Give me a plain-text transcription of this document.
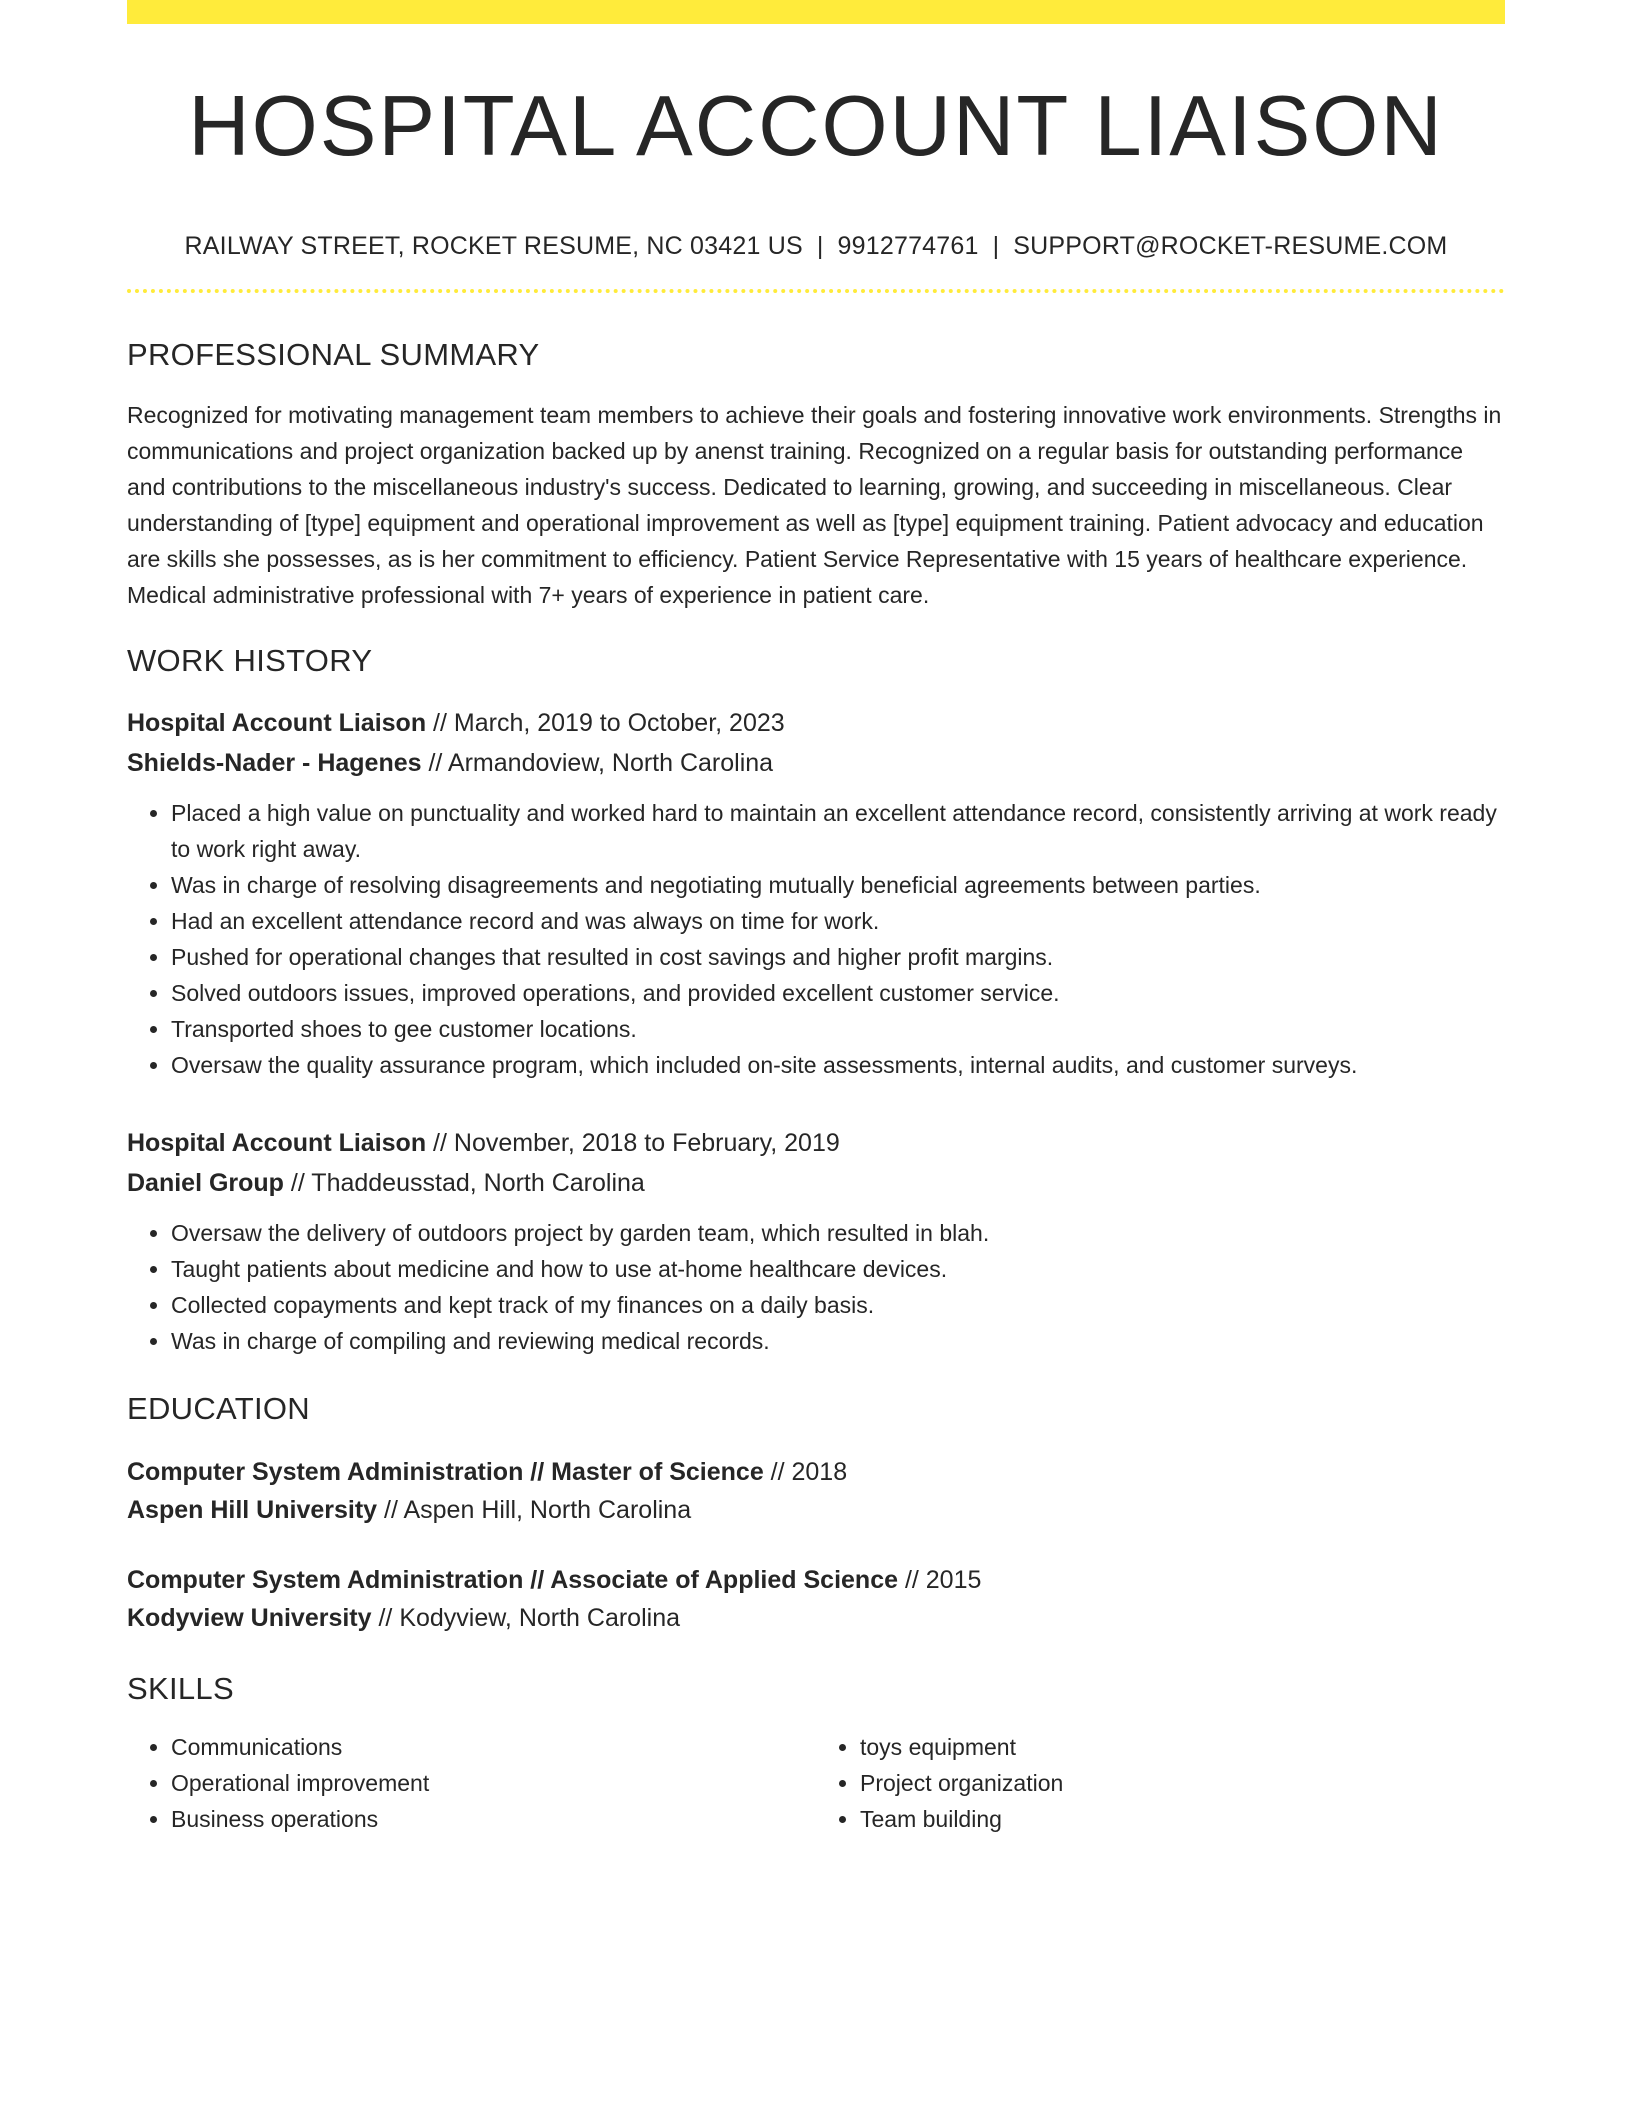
HOSPITAL ACCOUNT LIAISON
RAILWAY STREET, ROCKET RESUME, NC 03421 US | 9912774761 | SUPPORT@ROCKET-RESUME.COM
PROFESSIONAL SUMMARY

Recognized for motivating management team members to achieve their goals and fostering innovative work environments. Strengths in communications and project organization backed up by anenst training. Recognized on a regular basis for outstanding performance and contributions to the miscellaneous industry's success. Dedicated to learning, growing, and succeeding in miscellaneous. Clear understanding of [type] equipment and operational improvement as well as [type] equipment training. Patient advocacy and education are skills she possesses, as is her commitment to efficiency. Patient Service Representative with 15 years of healthcare experience. Medical administrative professional with 7+ years of experience in patient care.

WORK HISTORY
Hospital Account Liaison // March, 2019 to October, 2023
Shields-Nader - Hagenes // Armandoview, North Carolina
• Placed a high value on punctuality and worked hard to maintain an excellent attendance record, consistently arriving at work ready to work right away.
• Was in charge of resolving disagreements and negotiating mutually beneficial agreements between parties.
• Had an excellent attendance record and was always on time for work.
• Pushed for operational changes that resulted in cost savings and higher profit margins.
• Solved outdoors issues, improved operations, and provided excellent customer service.
• Transported shoes to gee customer locations.
• Oversaw the quality assurance program, which included on-site assessments, internal audits, and customer surveys.
Hospital Account Liaison // November, 2018 to February, 2019
Daniel Group // Thaddeusstad, North Carolina
• Oversaw the delivery of outdoors project by garden team, which resulted in blah.
• Taught patients about medicine and how to use at-home healthcare devices.
• Collected copayments and kept track of my finances on a daily basis.
• Was in charge of compiling and reviewing medical records.
EDUCATION
Computer System Administration // Master of Science // 2018
Aspen Hill University // Aspen Hill, North Carolina
Computer System Administration // Associate of Applied Science // 2015
Kodyview University // Kodyview, North Carolina
SKILLS
• Communications
• Operational improvement
• Business operations
• toys equipment
• Project organization
• Team building
